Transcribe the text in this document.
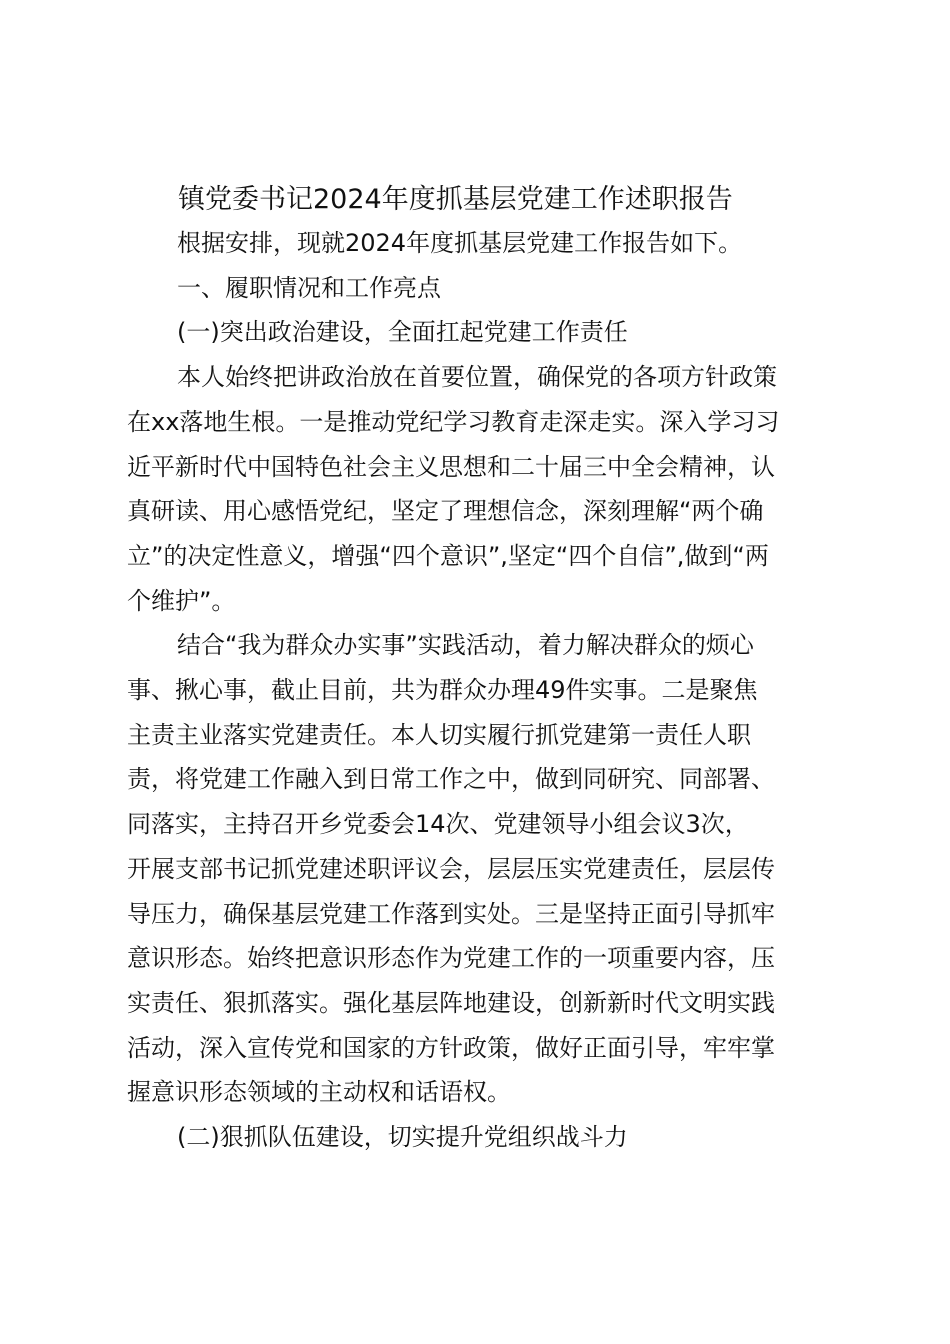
镇党委书记2024年度抓基层党建工作述职报告

根据安排，现就2024年度抓基层党建工作报告如下。

一、履职情况和工作亮点

(一)突出政治建设，全面扛起党建工作责任

本人始终把讲政治放在首要位置，确保党的各项方针政策
在xx落地生根。一是推动党纪学习教育走深走实。深入学习习
近平新时代中国特色社会主义思想和二十届三中全会精神，认
真研读、用心感悟党纪，坚定了理想信念，深刻理解“两个确
立”的决定性意义，增强“四个意识”,坚定“四个自信”,做到“两
个维护”。

结合“我为群众办实事”实践活动，着力解决群众的烦心
事、揪心事，截止目前，共为群众办理49件实事。二是聚焦
主责主业落实党建责任。本人切实履行抓党建第一责任人职
责，将党建工作融入到日常工作之中，做到同研究、同部署、
同落实，主持召开乡党委会14次、党建领导小组会议3次，
开展支部书记抓党建述职评议会，层层压实党建责任，层层传
导压力，确保基层党建工作落到实处。三是坚持正面引导抓牢
意识形态。始终把意识形态作为党建工作的一项重要内容，压
实责任、狠抓落实。强化基层阵地建设，创新新时代文明实践
活动，深入宣传党和国家的方针政策，做好正面引导，牢牢掌
握意识形态领域的主动权和话语权。

(二)狠抓队伍建设，切实提升党组织战斗力
